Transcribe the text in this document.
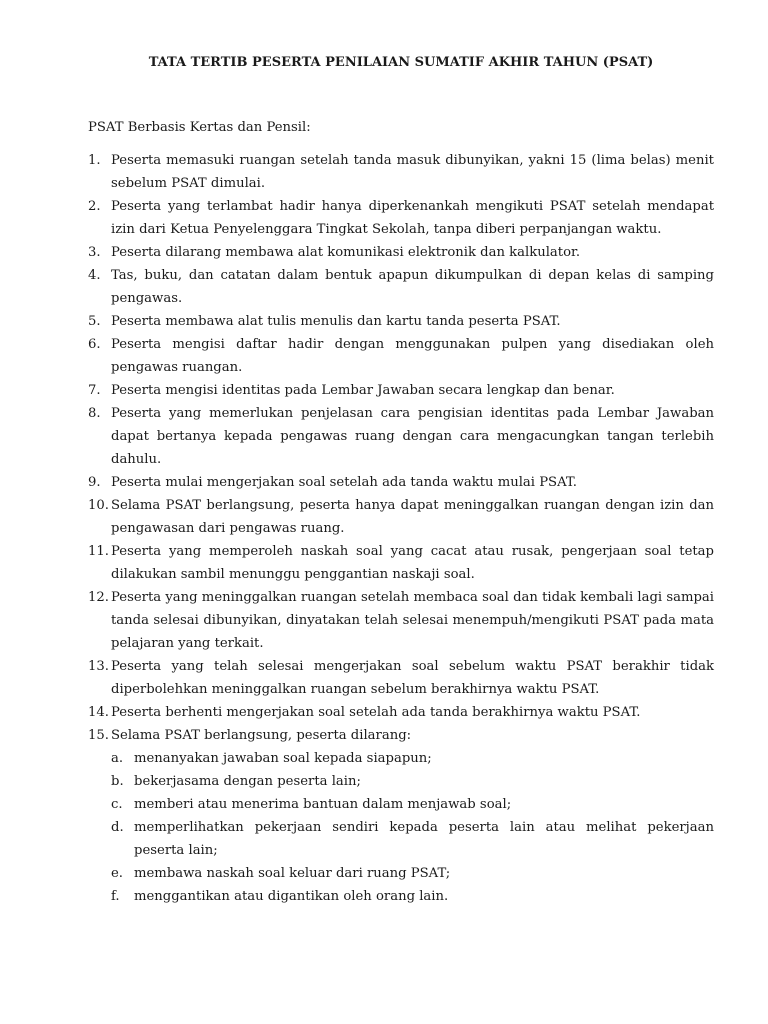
TATA TERTIB PESERTA PENILAIAN SUMATIF AKHIR TAHUN (PSAT)
PSAT Berbasis Kertas dan Pensil:
1. Peserta memasuki ruangan setelah tanda masuk dibunyikan, yakni 15 (lima belas) menit sebelum PSAT dimulai.
2. Peserta yang terlambat hadir hanya diperkenankah mengikuti PSAT setelah mendapat izin dari Ketua Penyelenggara Tingkat Sekolah, tanpa diberi perpanjangan waktu.
3. Peserta dilarang membawa alat komunikasi elektronik dan kalkulator.
4. Tas, buku, dan catatan dalam bentuk apapun dikumpulkan di depan kelas di samping pengawas.
5. Peserta membawa alat tulis menulis dan kartu tanda peserta PSAT.
6. Peserta mengisi daftar hadir dengan menggunakan pulpen yang disediakan oleh pengawas ruangan.
7. Peserta mengisi identitas pada Lembar Jawaban secara lengkap dan benar.
8. Peserta yang memerlukan penjelasan cara pengisian identitas pada Lembar Jawaban dapat bertanya kepada pengawas ruang dengan cara mengacungkan tangan terlebih dahulu.
9. Peserta mulai mengerjakan soal setelah ada tanda waktu mulai PSAT.
10. Selama PSAT berlangsung, peserta hanya dapat meninggalkan ruangan dengan izin dan pengawasan dari pengawas ruang.
11. Peserta yang memperoleh naskah soal yang cacat atau rusak, pengerjaan soal tetap dilakukan sambil menunggu penggantian naskaji soal.
12. Peserta yang meninggalkan ruangan setelah membaca soal dan tidak kembali lagi sampai tanda selesai dibunyikan, dinyatakan telah selesai menempuh/mengikuti PSAT pada mata pelajaran yang terkait.
13. Peserta yang telah selesai mengerjakan soal sebelum waktu PSAT berakhir tidak diperbolehkan meninggalkan ruangan sebelum berakhirnya waktu PSAT.
14. Peserta berhenti mengerjakan soal setelah ada tanda berakhirnya waktu PSAT.
15. Selama PSAT berlangsung, peserta dilarang:
a. menanyakan jawaban soal kepada siapapun;
b. bekerjasama dengan peserta lain;
c. memberi atau menerima bantuan dalam menjawab soal;
d. memperlihatkan pekerjaan sendiri kepada peserta lain atau melihat pekerjaan peserta lain;
e. membawa naskah soal keluar dari ruang PSAT;
f. menggantikan atau digantikan oleh orang lain.
